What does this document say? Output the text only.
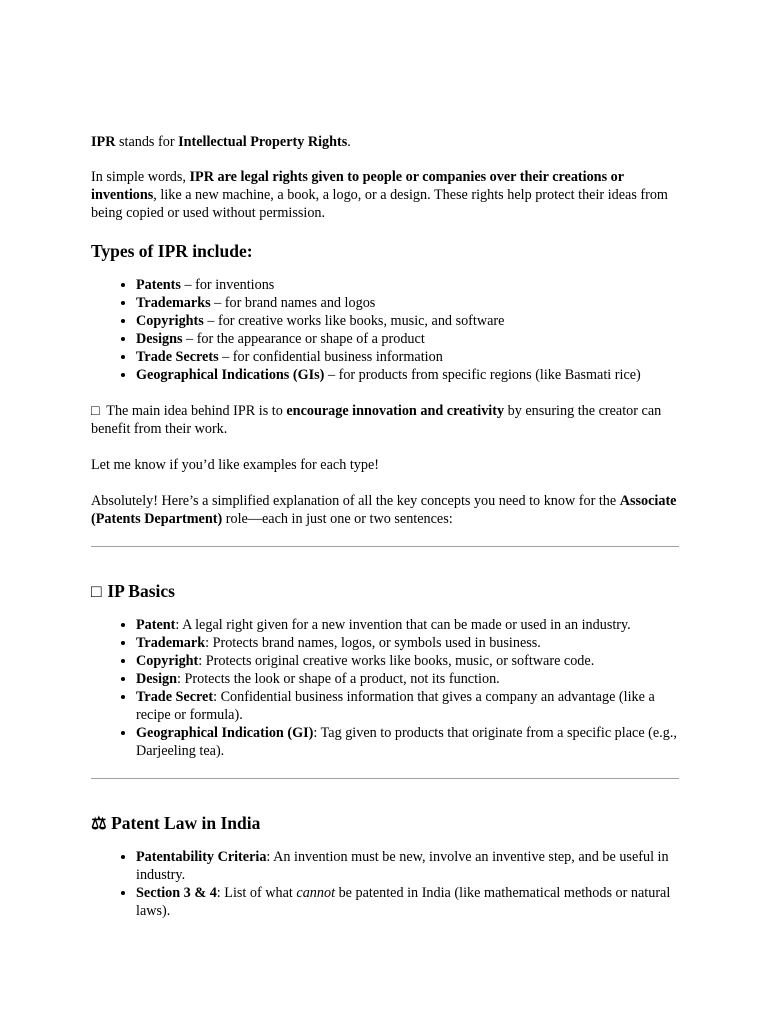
IPR stands for Intellectual Property Rights.

In simple words, IPR are legal rights given to people or companies over their creations or inventions, like a new machine, a book, a logo, or a design. These rights help protect their ideas from being copied or used without permission.

Types of IPR include:
• Patents – for inventions
• Trademarks – for brand names and logos
• Copyrights – for creative works like books, music, and software
• Designs – for the appearance or shape of a product
• Trade Secrets – for confidential business information
• Geographical Indications (GIs) – for products from specific regions (like Basmati rice)

□ The main idea behind IPR is to encourage innovation and creativity by ensuring the creator can benefit from their work.

Let me know if you’d like examples for each type!

Absolutely! Here’s a simplified explanation of all the key concepts you need to know for the Associate (Patents Department) role—each in just one or two sentences:

□ IP Basics
• Patent: A legal right given for a new invention that can be made or used in an industry.
• Trademark: Protects brand names, logos, or symbols used in business.
• Copyright: Protects original creative works like books, music, or software code.
• Design: Protects the look or shape of a product, not its function.
• Trade Secret: Confidential business information that gives a company an advantage (like a recipe or formula).
• Geographical Indication (GI): Tag given to products that originate from a specific place (e.g., Darjeeling tea).
⚖ Patent Law in India
• Patentability Criteria: An invention must be new, involve an inventive step, and be useful in industry.
• Section 3 & 4: List of what cannot be patented in India (like mathematical methods or natural laws).
